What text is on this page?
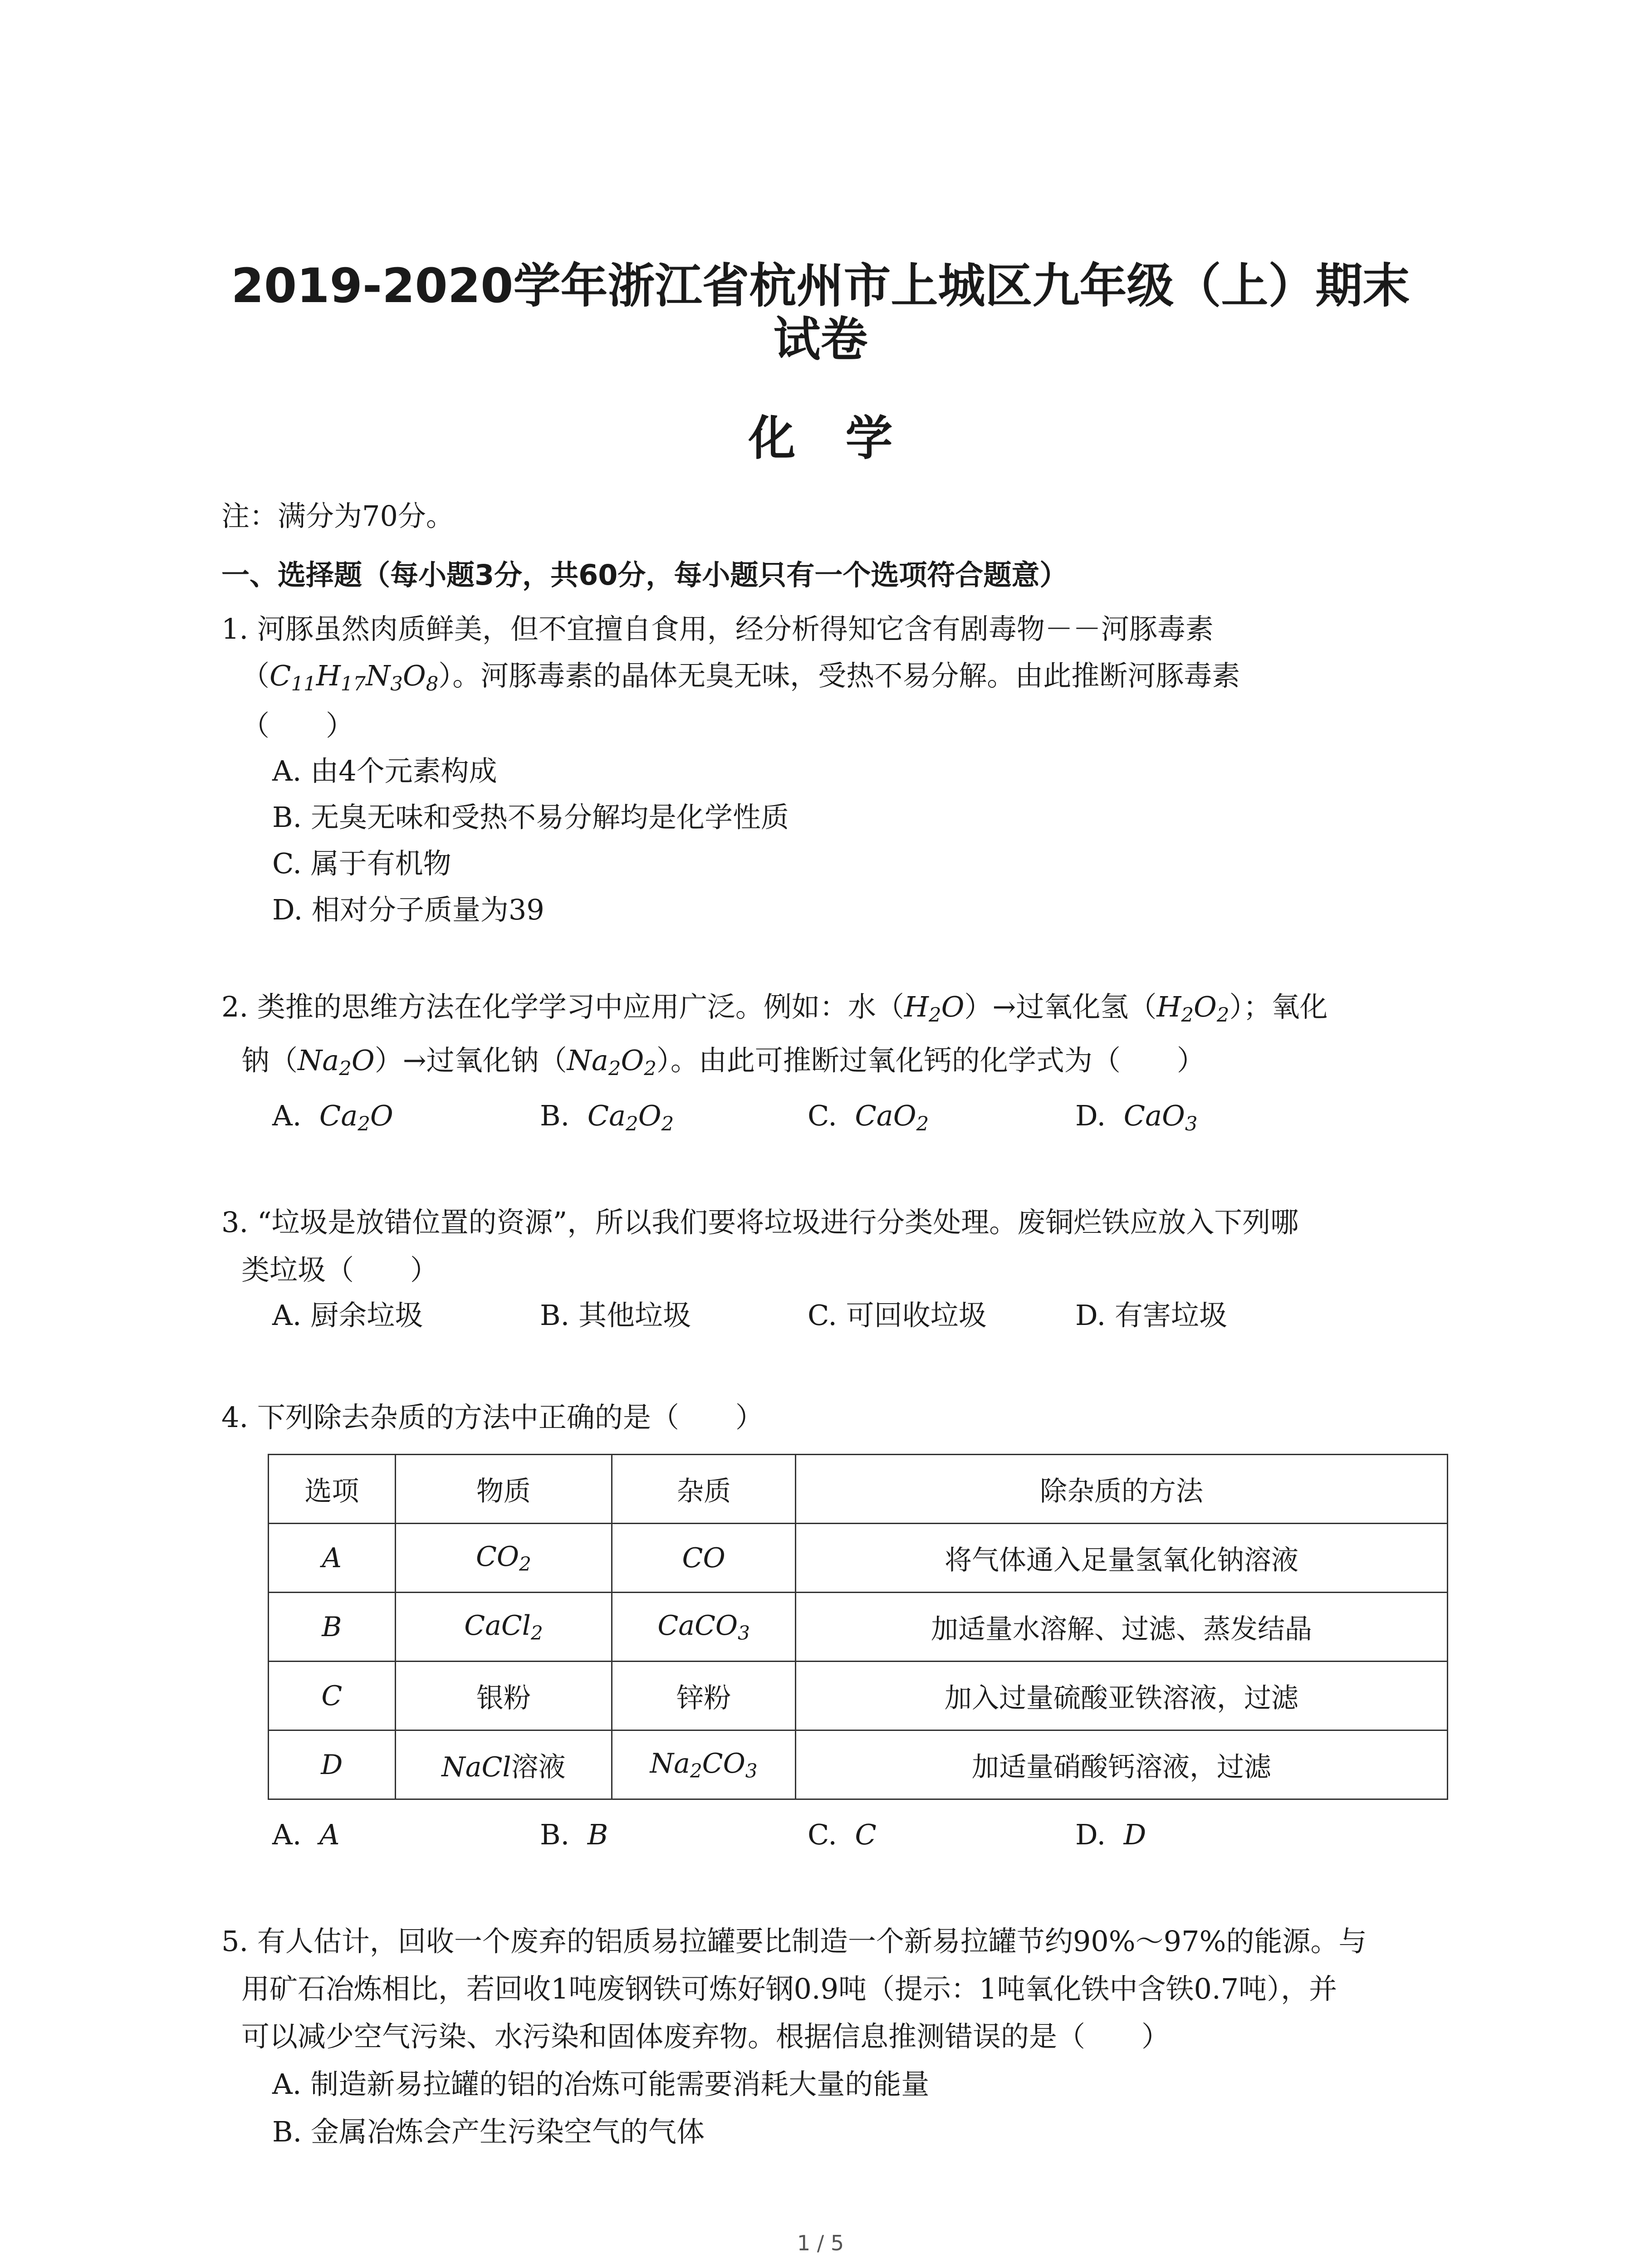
2019-2020学年浙江省杭州市上城区九年级（上）期末
试卷
化学
注：满分为70分。
一、选择题（每小题3分，共60分，每小题只有一个选项符合题意）
1. 河豚虽然肉质鲜美，但不宜擅自食用，经分析得知它含有剧毒物－－河豚毒素
$(C_{11}H_{17}N_3O_8)$。河豚毒素的晶体无臭无味，受热不易分解。由此推断河豚毒素
（　　）
A. 由4个元素构成
B. 无臭无味和受热不易分解均是化学性质
C. 属于有机物
D. 相对分子质量为39
2. 类推的思维方法在化学学习中应用广泛。例如：水$(H_2O)\to$过氧化氢$(H_2O_2)$；氧化
钠$(Na_2O)\to$过氧化钠$(Na_2O_2)$。由此可推断过氧化钙的化学式为（　　）
A. $Ca_2O$	B. $Ca_2O_2$	C. CaO$_2$	D. CaO$_3$
3. “垃圾是放错位置的资源”，所以我们要将垃圾进行分类处理。废铜烂铁应放入下列哪
类垃圾（　　）
A. 厨余垃圾	B. 其他垃圾	C. 可回收垃圾	D. 有害垃圾
4. 下列除去杂质的方法中正确的是（　　）
选项	物质	杂质	除杂质的方法
A	$CO_2$	CO	将气体通入足量氢氧化钠溶液
B	CaCl$_2$	CaCO$_3$	加适量水溶解、过滤、蒸发结晶
C	银粉	锌粉	加入过量硫酸亚铁溶液，过滤
D	NaCl溶液	$Na_2CO_3$	加适量硝酸钙溶液，过滤
A. A	B. B	C. C	D. D
5. 有人估计，回收一个废弃的铝质易拉罐要比制造一个新易拉罐节约90%～97%的能源。与
用矿石冶炼相比，若回收1吨废钢铁可炼好钢0.9吨（提示：1吨氧化铁中含铁0.7吨），并
可以减少空气污染、水污染和固体废弃物。根据信息推测错误的是（　　）
A. 制造新易拉罐的铝的冶炼可能需要消耗大量的能量
B. 金属冶炼会产生污染空气的气体
1 / 5
